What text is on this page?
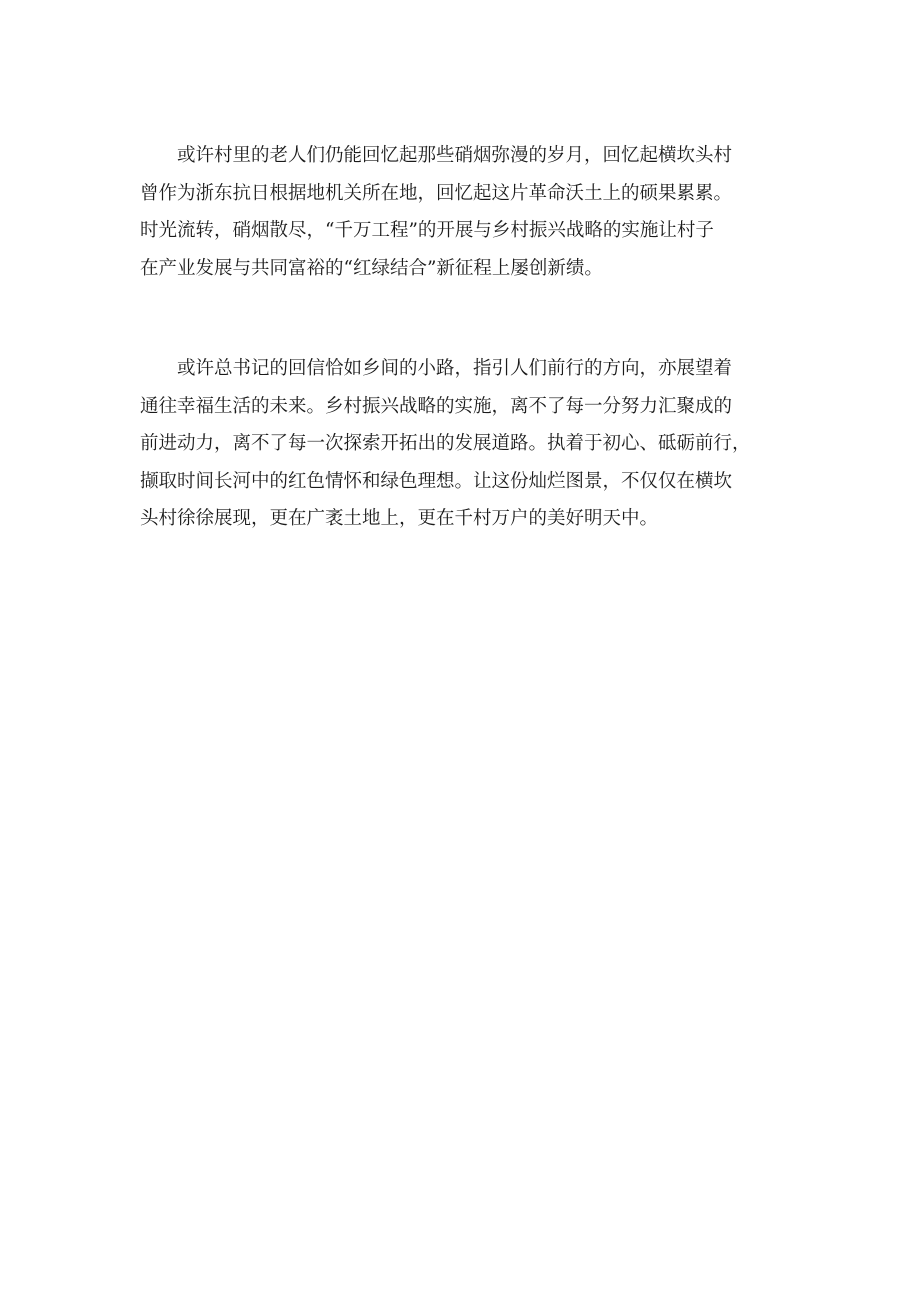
或许村里的老人们仍能回忆起那些硝烟弥漫的岁月，回忆起横坎头村
曾作为浙东抗日根据地机关所在地，回忆起这片革命沃土上的硕果累累。
时光流转，硝烟散尽，“千万工程”的开展与乡村振兴战略的实施让村子
在产业发展与共同富裕的“红绿结合”新征程上屡创新绩。
或许总书记的回信恰如乡间的小路，指引人们前行的方向，亦展望着
通往幸福生活的未来。乡村振兴战略的实施，离不了每一分努力汇聚成的
前进动力，离不了每一次探索开拓出的发展道路。执着于初心、砥砺前行，
撷取时间长河中的红色情怀和绿色理想。让这份灿烂图景，不仅仅在横坎
头村徐徐展现，更在广袤土地上，更在千村万户的美好明天中。
